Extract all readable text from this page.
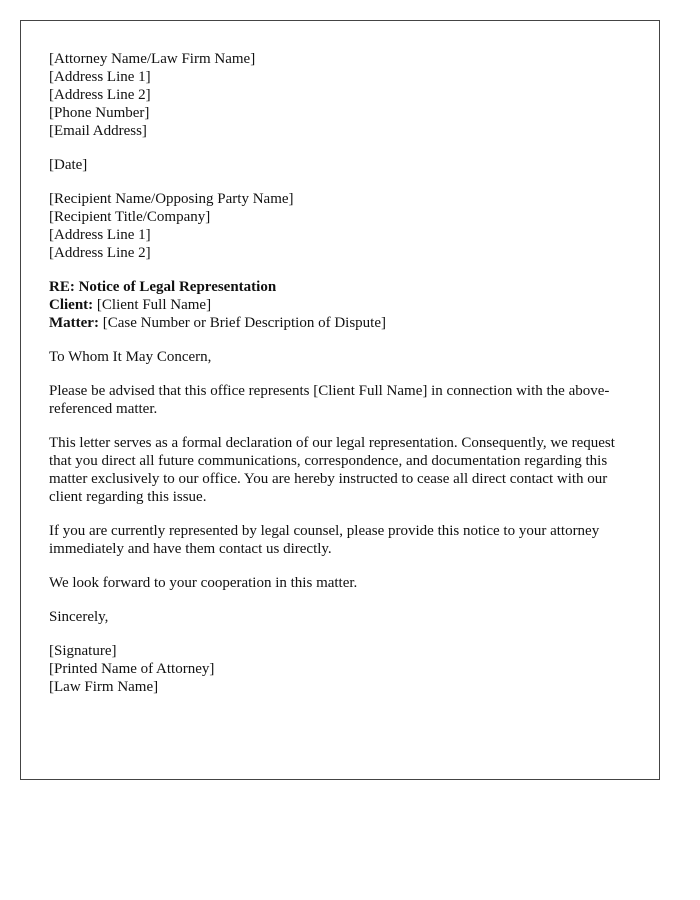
[Attorney Name/Law Firm Name]
[Address Line 1]
[Address Line 2]
[Phone Number]
[Email Address]
[Date]
[Recipient Name/Opposing Party Name]
[Recipient Title/Company]
[Address Line 1]
[Address Line 2]
RE: Notice of Legal Representation
Client: [Client Full Name]
Matter: [Case Number or Brief Description of Dispute]

To Whom It May Concern,

Please be advised that this office represents [Client Full Name] in connection with the above-referenced matter.

This letter serves as a formal declaration of our legal representation. Consequently, we request that you direct all future communications, correspondence, and documentation regarding this matter exclusively to our office. You are hereby instructed to cease all direct contact with our client regarding this issue.

If you are currently represented by legal counsel, please provide this notice to your attorney immediately and have them contact us directly.

We look forward to your cooperation in this matter.

Sincerely,

[Signature]
[Printed Name of Attorney]
[Law Firm Name]
